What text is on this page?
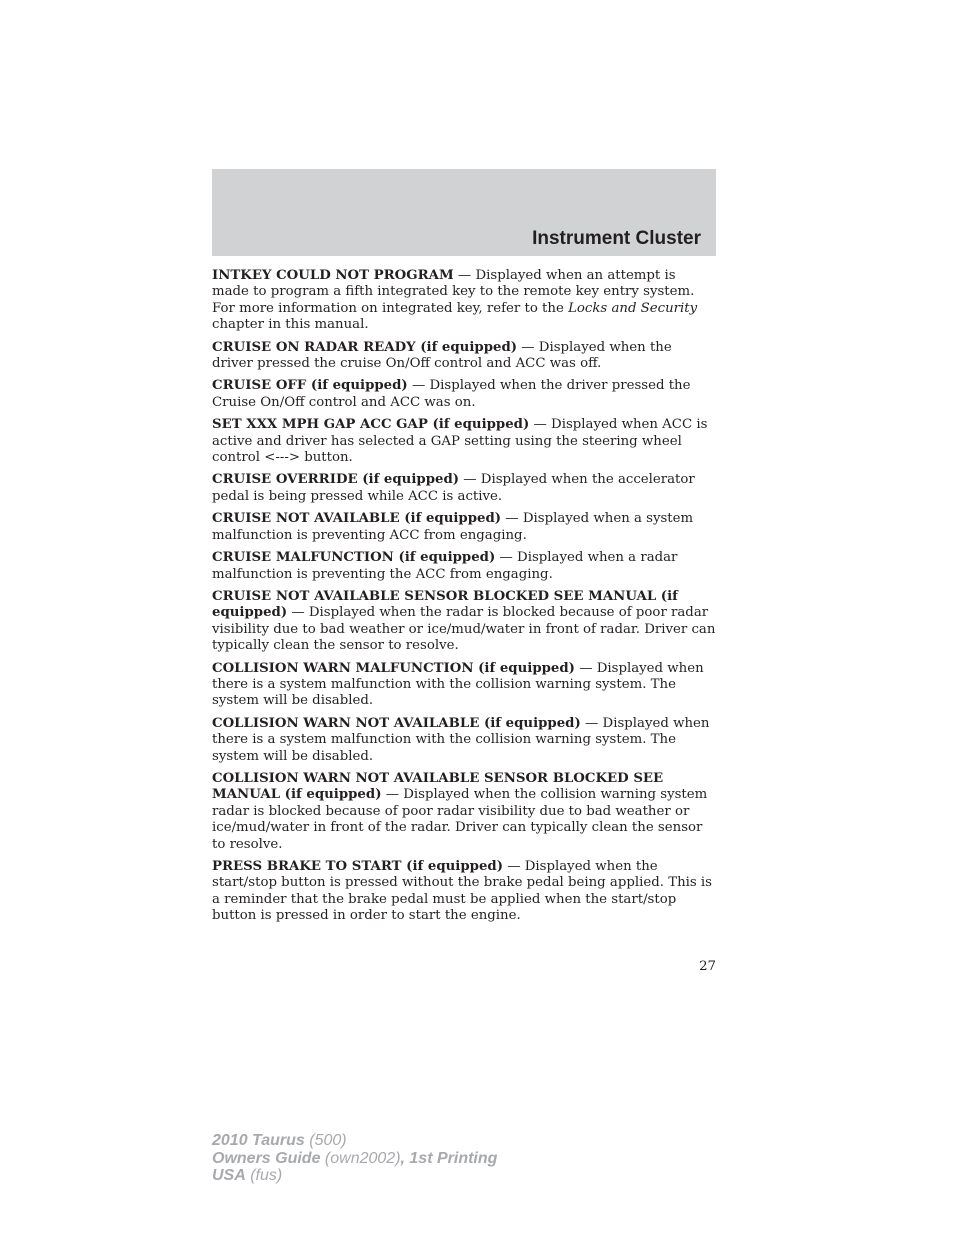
Instrument Cluster

INTKEY COULD NOT PROGRAM — Displayed when an attempt is made to program a fifth integrated key to the remote key entry system. For more information on integrated key, refer to the Locks and Security chapter in this manual.

CRUISE ON RADAR READY (if equipped) — Displayed when the driver pressed the cruise On/Off control and ACC was off.

CRUISE OFF (if equipped) — Displayed when the driver pressed the Cruise On/Off control and ACC was on.

SET XXX MPH GAP ACC GAP (if equipped) — Displayed when ACC is active and driver has selected a GAP setting using the steering wheel control <---> button.

CRUISE OVERRIDE (if equipped) — Displayed when the accelerator pedal is being pressed while ACC is active.

CRUISE NOT AVAILABLE (if equipped) — Displayed when a system malfunction is preventing ACC from engaging.

CRUISE MALFUNCTION (if equipped) — Displayed when a radar malfunction is preventing the ACC from engaging.

CRUISE NOT AVAILABLE SENSOR BLOCKED SEE MANUAL (if equipped) — Displayed when the radar is blocked because of poor radar visibility due to bad weather or ice/mud/water in front of radar. Driver can typically clean the sensor to resolve.

COLLISION WARN MALFUNCTION (if equipped) — Displayed when there is a system malfunction with the collision warning system. The system will be disabled.

COLLISION WARN NOT AVAILABLE (if equipped) — Displayed when there is a system malfunction with the collision warning system. The system will be disabled.

COLLISION WARN NOT AVAILABLE SENSOR BLOCKED SEE MANUAL (if equipped) — Displayed when the collision warning system radar is blocked because of poor radar visibility due to bad weather or ice/mud/water in front of the radar. Driver can typically clean the sensor to resolve.

PRESS BRAKE TO START (if equipped) — Displayed when the start/stop button is pressed without the brake pedal being applied. This is a reminder that the brake pedal must be applied when the start/stop button is pressed in order to start the engine.

27
2010 Taurus (500)
Owners Guide (own2002), 1st Printing
USA (fus)
